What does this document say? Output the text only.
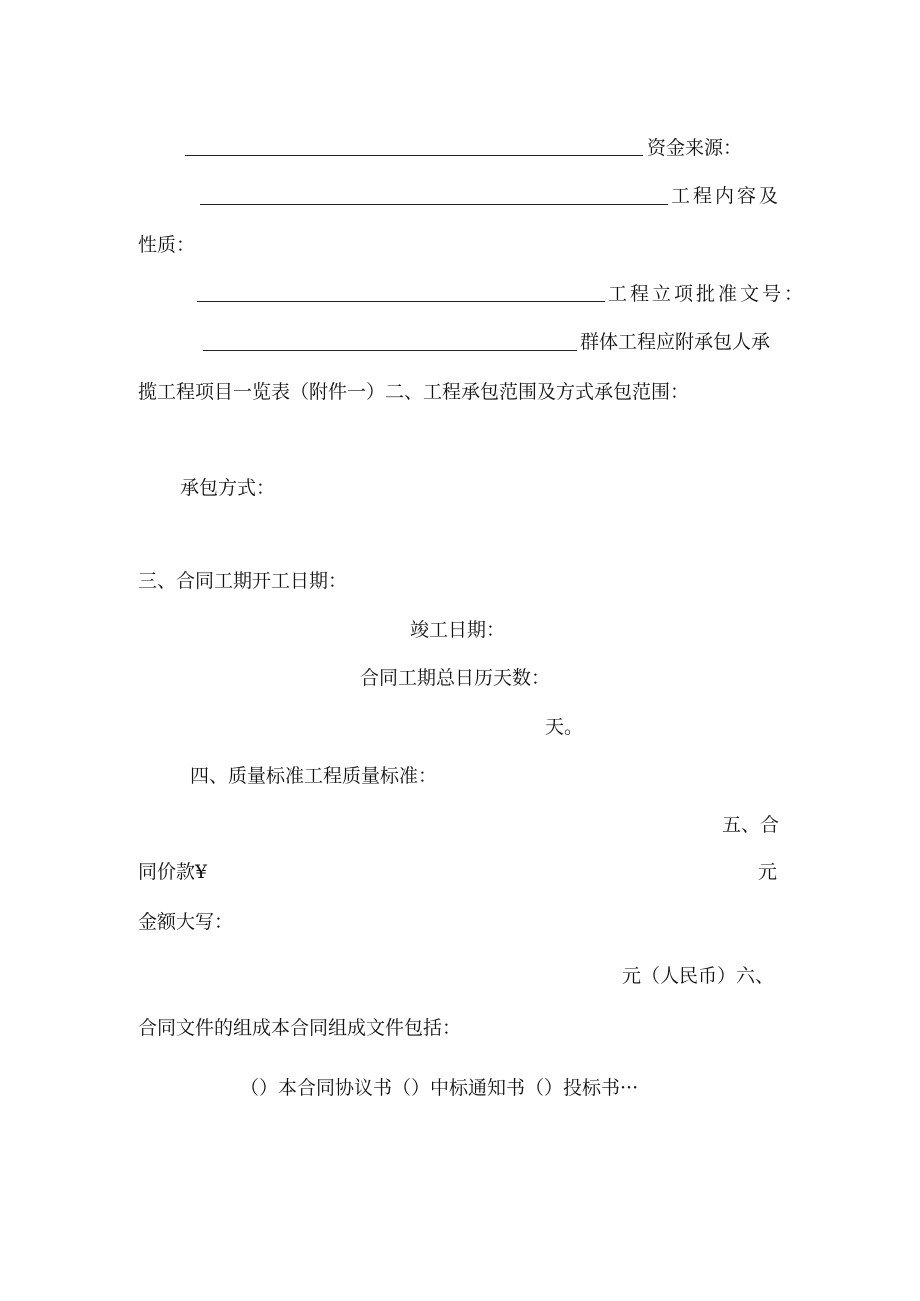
资金来源：
工程内容及
性质：
工程立项批准文号：
群体工程应附承包人承
揽工程项目一览表（附件一）二、工程承包范围及方式承包范围：
承包方式：
三、合同工期开工日期：
竣工日期：
合同工期总日历天数：
天。
四、质量标准工程质量标准：
五、合
同价款¥	元
金额大写：
元（人民币）六、
合同文件的组成本合同组成文件包括：
（）本合同协议书（）中标通知书（）投标书···
